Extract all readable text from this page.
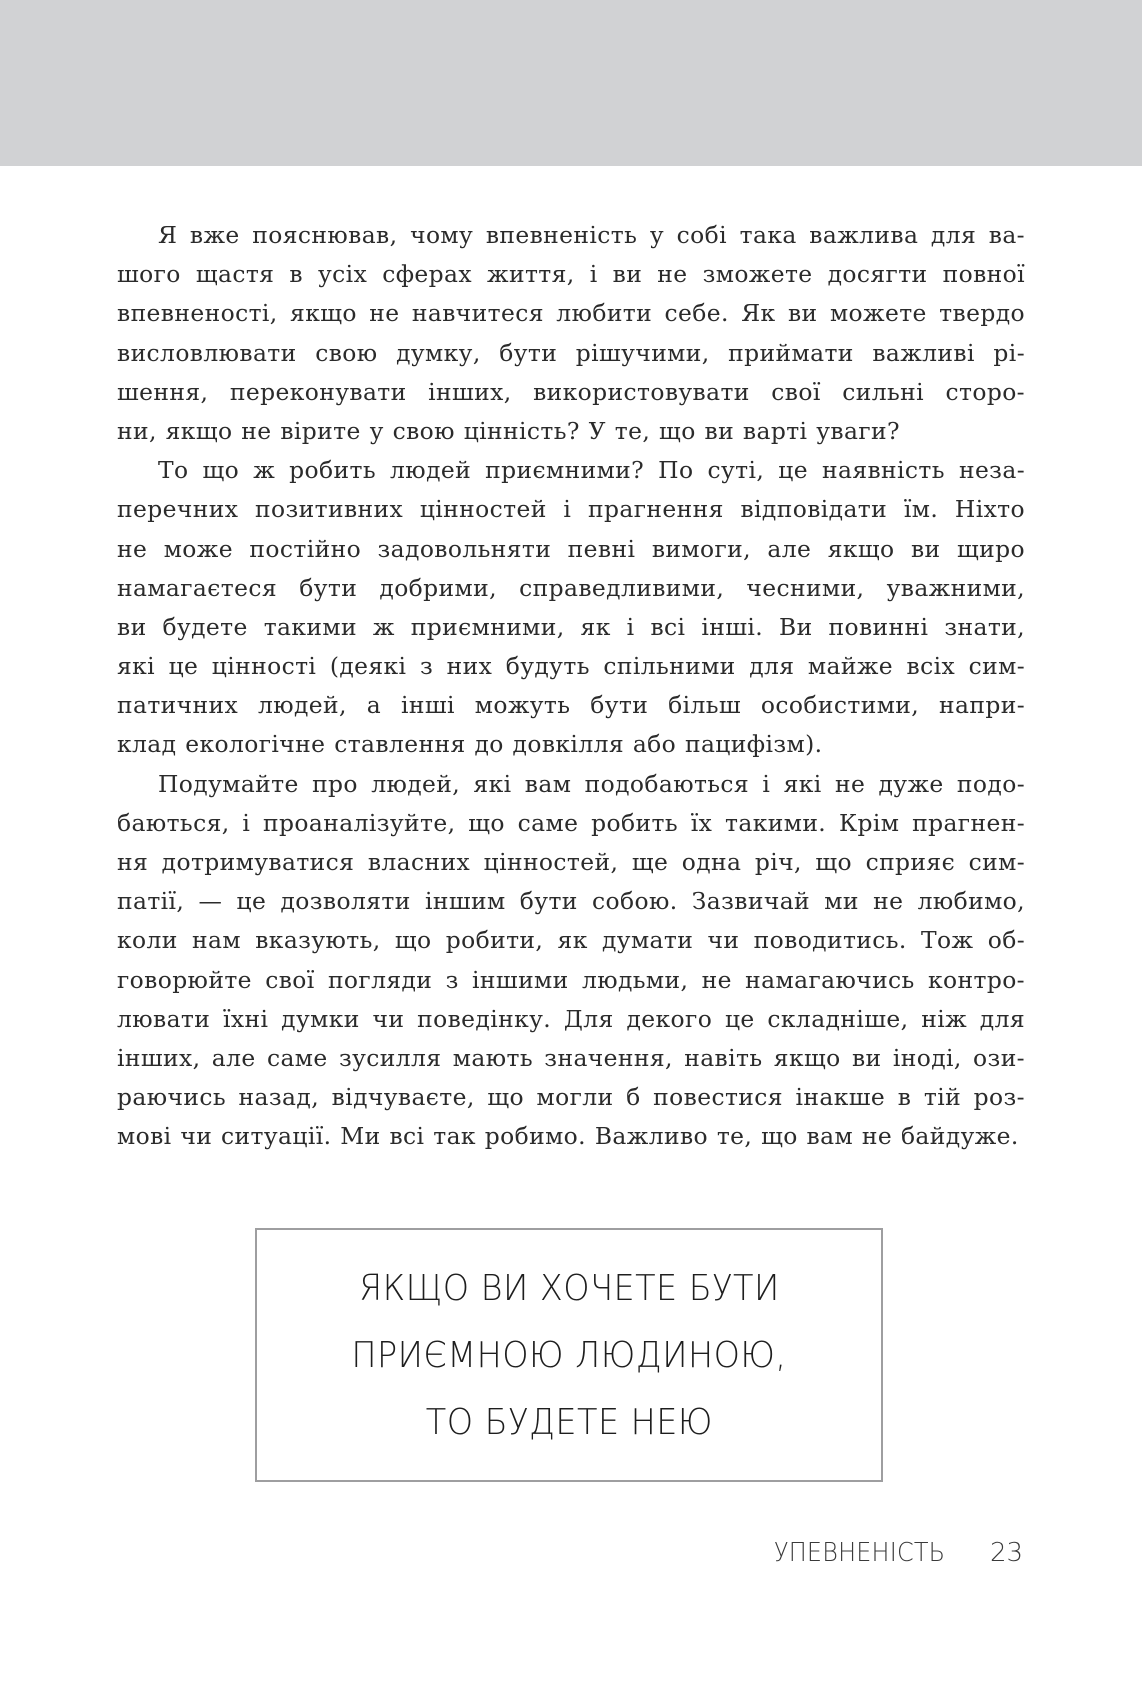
Я вже пояснював, чому впевненість у собі така важлива для ва-
шого щастя в усіх сферах життя, і ви не зможете досягти повної
впевненості, якщо не навчитеся любити себе. Як ви можете твердо
висловлювати свою думку, бути рішучими, приймати важливі рі-
шення, переконувати інших, використовувати свої сильні сторо-
ни, якщо не вірите у свою цінність? У те, що ви варті уваги?
То що ж робить людей приємними? По суті, це наявність неза-
перечних позитивних цінностей і прагнення відповідати їм. Ніхто
не може постійно задовольняти певні вимоги, але якщо ви щиро
намагаєтеся бути добрими, справедливими, чесними, уважними,
ви будете такими ж приємними, як і всі інші. Ви повинні знати,
які це цінності (деякі з них будуть спільними для майже всіх сим-
патичних людей, а інші можуть бути більш особистими, напри-
клад екологічне ставлення до довкілля або пацифізм).
Подумайте про людей, які вам подобаються і які не дуже подо-
баються, і проаналізуйте, що саме робить їх такими. Крім прагнен-
ня дотримуватися власних цінностей, ще одна річ, що сприяє сим-
патії, — це дозволяти іншим бути собою. Зазвичай ми не любимо,
коли нам вказують, що робити, як думати чи поводитись. Тож об-
говорюйте свої погляди з іншими людьми, не намагаючись контро-
лювати їхні думки чи поведінку. Для декого це складніше, ніж для
інших, але саме зусилля мають значення, навіть якщо ви іноді, ози-
раючись назад, відчуваєте, що могли б повестися інакше в тій роз-
мові чи ситуації. Ми всі так робимо. Важливо те, що вам не байдуже.
ЯКЩО ВИ ХОЧЕТЕ БУТИ
ПРИЄМНОЮ ЛЮДИНОЮ,
ТО БУДЕТЕ НЕЮ
УПЕВНЕНІСТЬ 23
